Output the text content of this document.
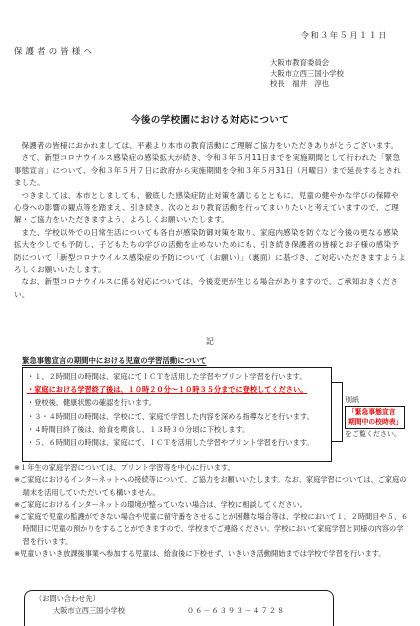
令和３年５月１１日
保護者の皆様へ
大阪市教育委員会
大阪市立西三国小学校
校長　福井　淳也
今後の学校園における対応について

保護者の皆様におかれましては、平素より本市の教育活動にご理解ご協力をいただきありがとうございます。

さて、新型コロナウイルス感染症の感染拡大が続き、令和３年５月11日までを実施期間として行われた「緊急事態宣言」について、令和３年５月７日に政府から実施期間を令和３年５月31日（月曜日）まで延長するとされました。

つきましては、本市としましても、徹底した感染症防止対策を講じるとともに、児童の健やかな学びの保障や心身への影響の観点等を踏まえ、引き続き、次のとおり教育活動を行ってまいりたいと考えていますので、ご理解・ご協力をいただきますよう、よろしくお願いいたします。

また、学校以外での日常生活についても各自が感染防御対策を取り、家庭内感染を防ぐなど今後の更なる感染拡大を少しでも予防し、子どもたちの学びの活動を止めないためにも、引き続き保護者の皆様とお子様の感染予防について「新型コロナウイルス感染症の予防について（お願い）」（裏面）に基づき、ご対応いただきますようよろしくお願いいたします。

なお、新型コロナウイルスに係る対応については、今後変更が生じる場合がありますので、ご承知おきください。

記
緊急事態宣言の期間中における児童の学習活動について
・１、２時間目の時間は、家庭にてＩＣＴを活用した学習やプリント学習を行います。
・家庭における学習終了後は、１０時２０分～１０時３５分までに登校してください。
・登校後、健康状態の確認を行います。
・３・４時間目の時間は、学校にて、家庭で学習した内容を深める指導などを行います。
・４時間目終了後は、給食を喫食し、１３時３０分頃に下校します。
・５、６時間目の時間は、家庭にて、ＩＣＴを活用した学習やプリント学習を行います。
別紙
「緊急事態宣言
期間中の校時表」
をご覧ください。
※１年生の家庭学習については、プリント学習等を中心に行います。
※ご家庭におけるインターネットへの接続等について、ご協力をお願いいたします。なお、家庭学習については、ご家庭の端末を活用していただいても構いません。
※ご家庭におけるインターネットの環境が整っていない場合は、学校に相談してください。
※ご家庭で児童の監護ができない場合や児童に留守番をさせることが困難な場合等は、学校において１、２時間目や５、６時間目に児童の預かりをすることができますので、学校までご連絡ください。学校において家庭学習と同様の内容の学習を行います。
※児童いきいき放課後事業へ参加する児童は、給食後に下校せず、いきいき活動開始までは学校で学習を行います。
（お問い合わせ先）
大阪市立西三国小学校	０６－６３９３－４７２８
